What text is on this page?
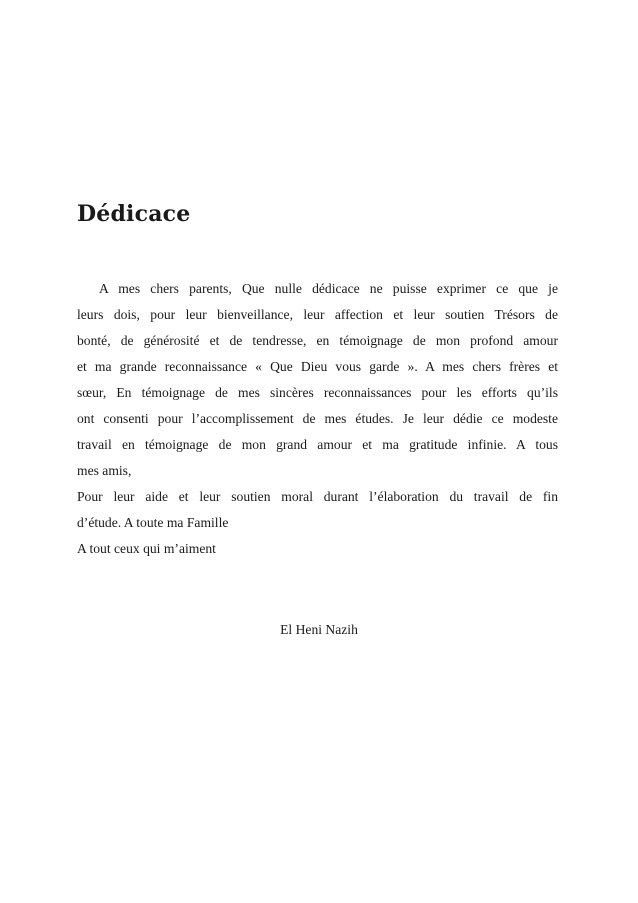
Dédicace
A mes chers parents, Que nulle dédicace ne puisse exprimer ce que je
leurs dois, pour leur bienveillance, leur affection et leur soutien Trésors de
bonté, de générosité et de tendresse, en témoignage de mon profond amour
et ma grande reconnaissance « Que Dieu vous garde ». A mes chers frères et
sœur, En témoignage de mes sincères reconnaissances pour les efforts qu’ils
ont consenti pour l’accomplissement de mes études. Je leur dédie ce modeste
travail en témoignage de mon grand amour et ma gratitude infinie. A tous
mes amis,
Pour leur aide et leur soutien moral durant l’élaboration du travail de fin
d’étude. A toute ma Famille
A tout ceux qui m’aiment
El Heni Nazih
